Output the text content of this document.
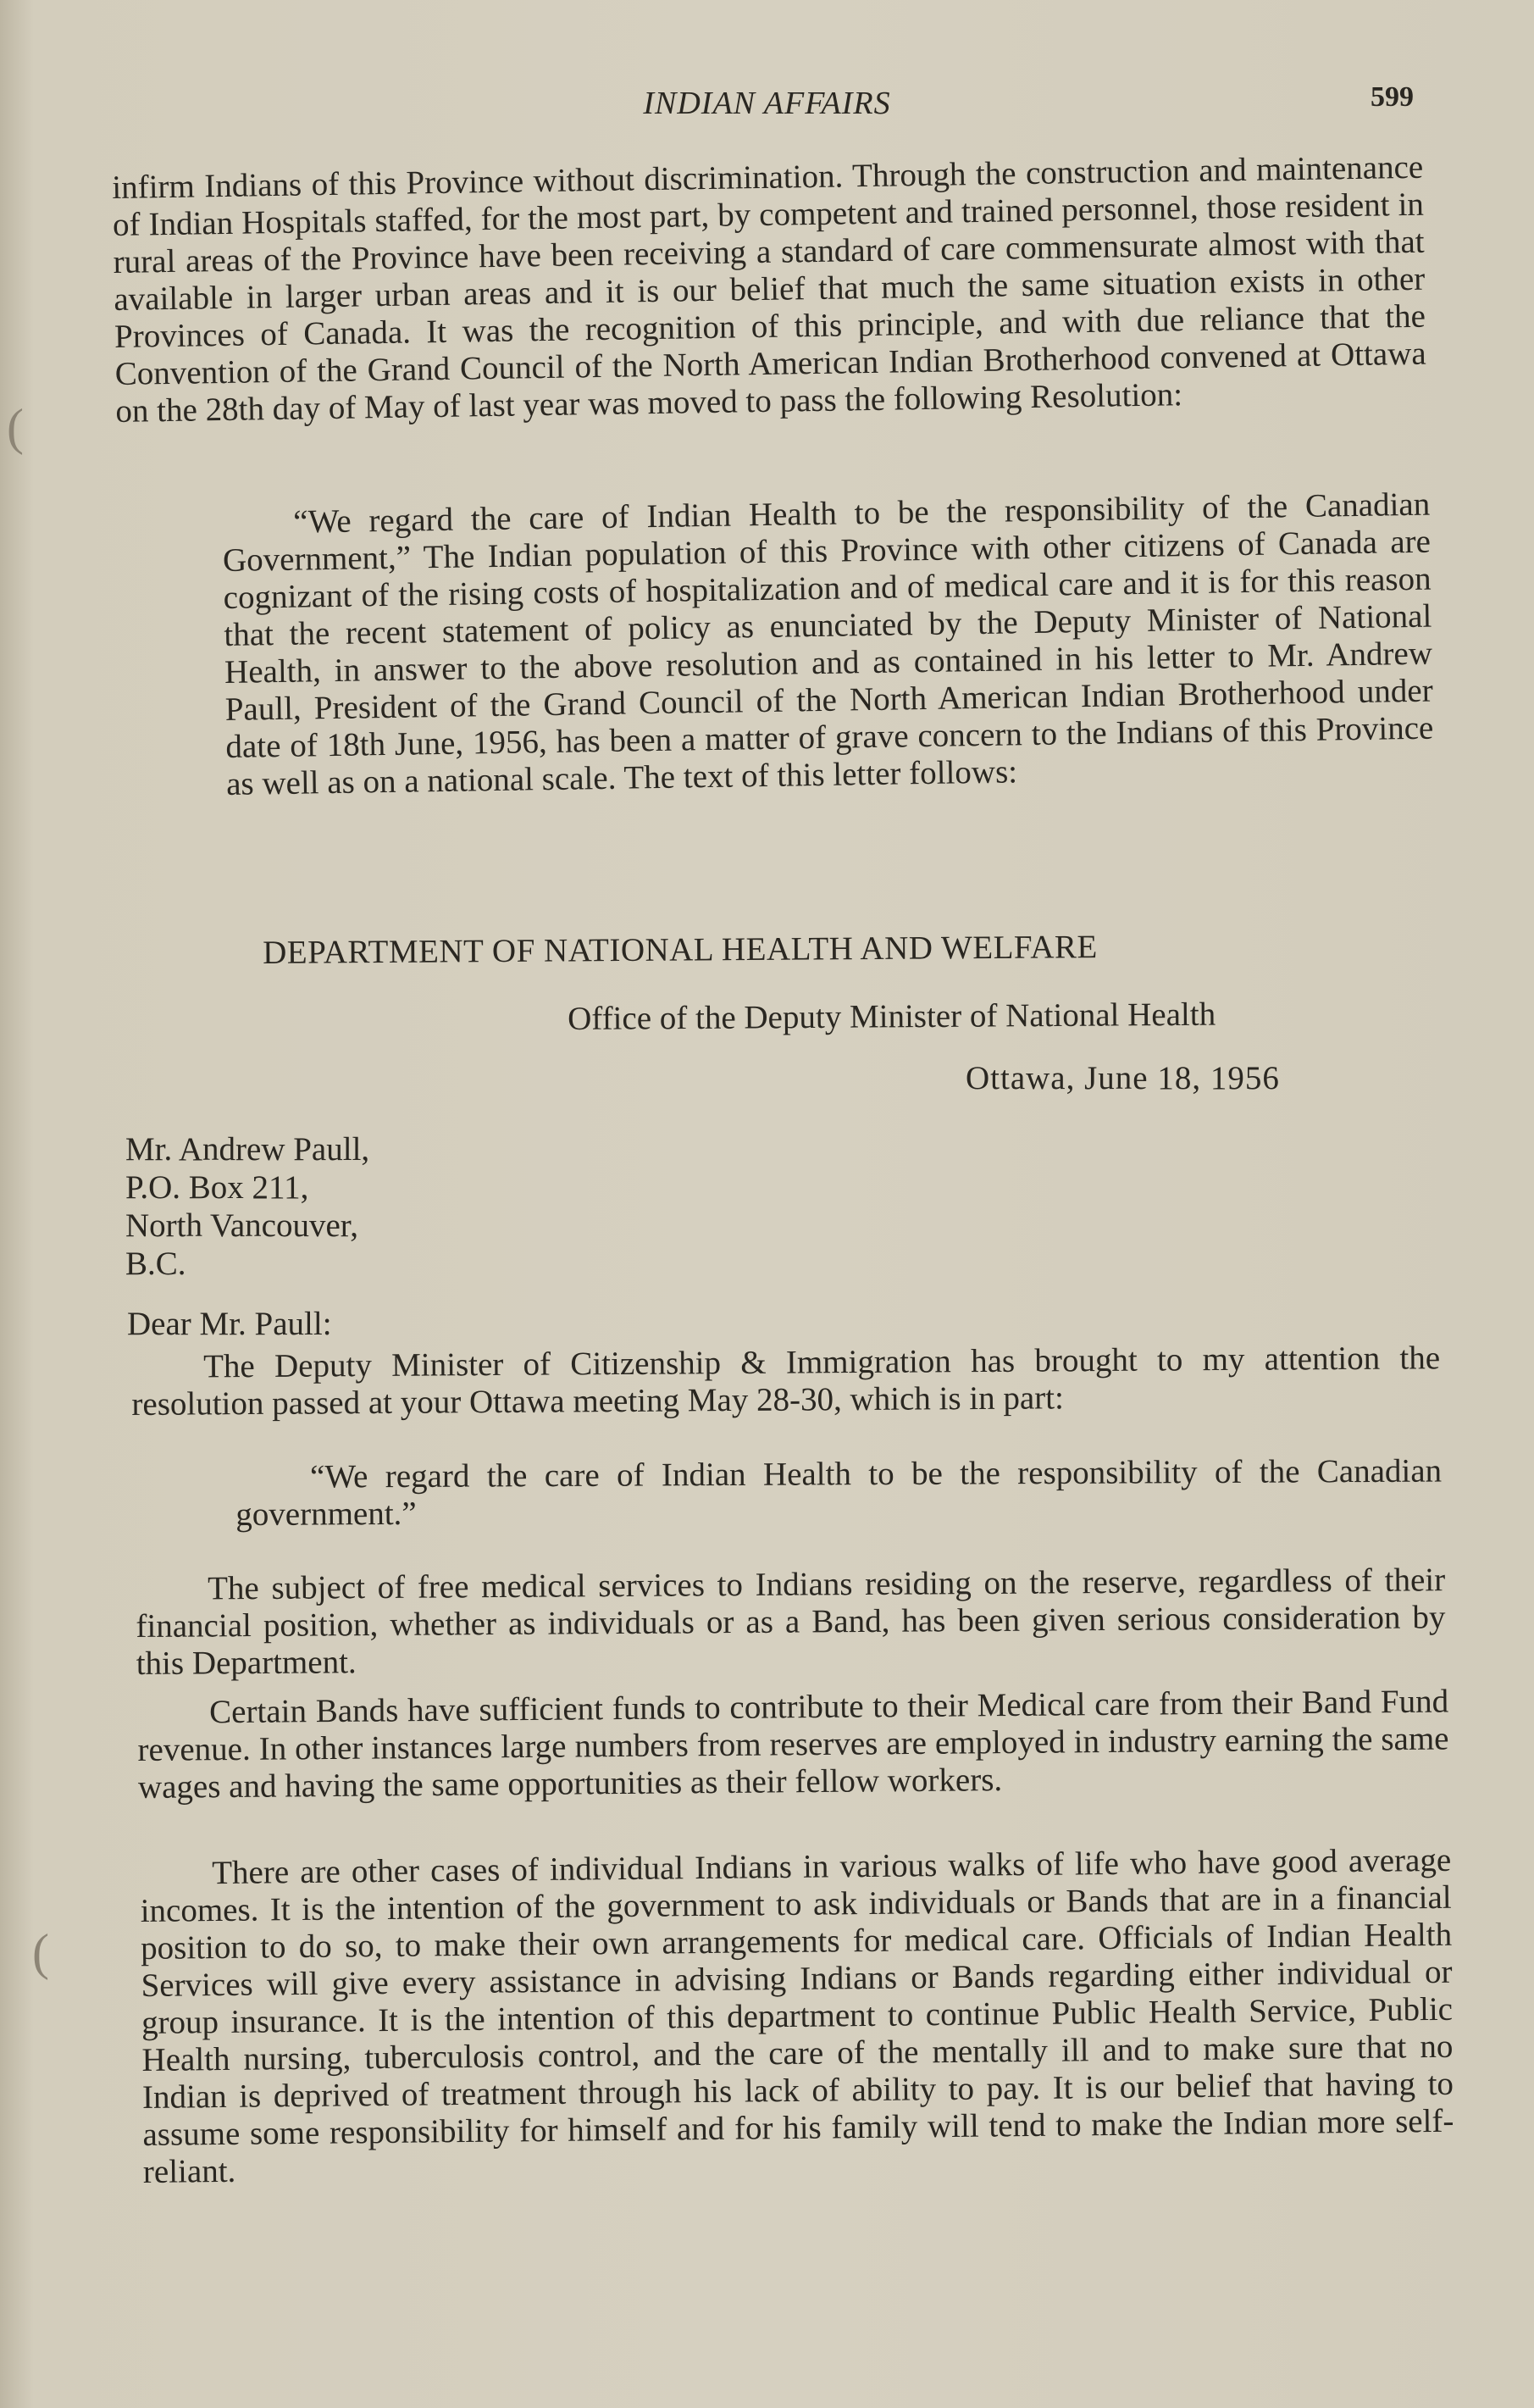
INDIAN AFFAIRS	599

infirm Indians of this Province without discrimination. Through the construction and maintenance of Indian Hospitals staffed, for the most part, by competent and trained personnel, those resident in rural areas of the Province have been receiving a standard of care commensurate almost with that available in larger urban areas and it is our belief that much the same situation exists in other Provinces of Canada. It was the recognition of this principle, and with due reliance that the Convention of the Grand Council of the North American Indian Brotherhood convened at Ottawa on the 28th day of May of last year was moved to pass the following Resolution:

“We regard the care of Indian Health to be the responsibility of the Canadian Government,” The Indian population of this Province with other citizens of Canada are cognizant of the rising costs of hospitalization and of medical care and it is for this reason that the recent statement of policy as enunciated by the Deputy Minister of National Health, in answer to the above resolution and as contained in his letter to Mr. Andrew Paull, President of the Grand Council of the North American Indian Brotherhood under date of 18th June, 1956, has been a matter of grave concern to the Indians of this Province as well as on a national scale. The text of this letter follows:

DEPARTMENT OF NATIONAL HEALTH AND WELFARE
Office of the Deputy Minister of National Health
Ottawa, June 18, 1956
Mr. Andrew Paull,
P.O. Box 211,
North Vancouver,
B.C.
Dear Mr. Paull:

The Deputy Minister of Citizenship & Immigration has brought to my attention the resolution passed at your Ottawa meeting May 28-30, which is in part:

“We regard the care of Indian Health to be the responsibility of the Canadian government.”

The subject of free medical services to Indians residing on the reserve, regardless of their financial position, whether as individuals or as a Band, has been given serious consideration by this Department.

Certain Bands have sufficient funds to contribute to their Medical care from their Band Fund revenue. In other instances large numbers from reserves are employed in industry earning the same wages and having the same opportunities as their fellow workers.

There are other cases of individual Indians in various walks of life who have good average incomes. It is the intention of the government to ask individuals or Bands that are in a financial position to do so, to make their own arrangements for medical care. Officials of Indian Health Services will give every assistance in advising Indians or Bands regarding either individual or group insurance. It is the intention of this department to continue Public Health Service, Public Health nursing, tuberculosis control, and the care of the mentally ill and to make sure that no Indian is deprived of treatment through his lack of ability to pay. It is our belief that having to assume some responsibility for himself and for his family will tend to make the Indian more self-reliant.

(
(
